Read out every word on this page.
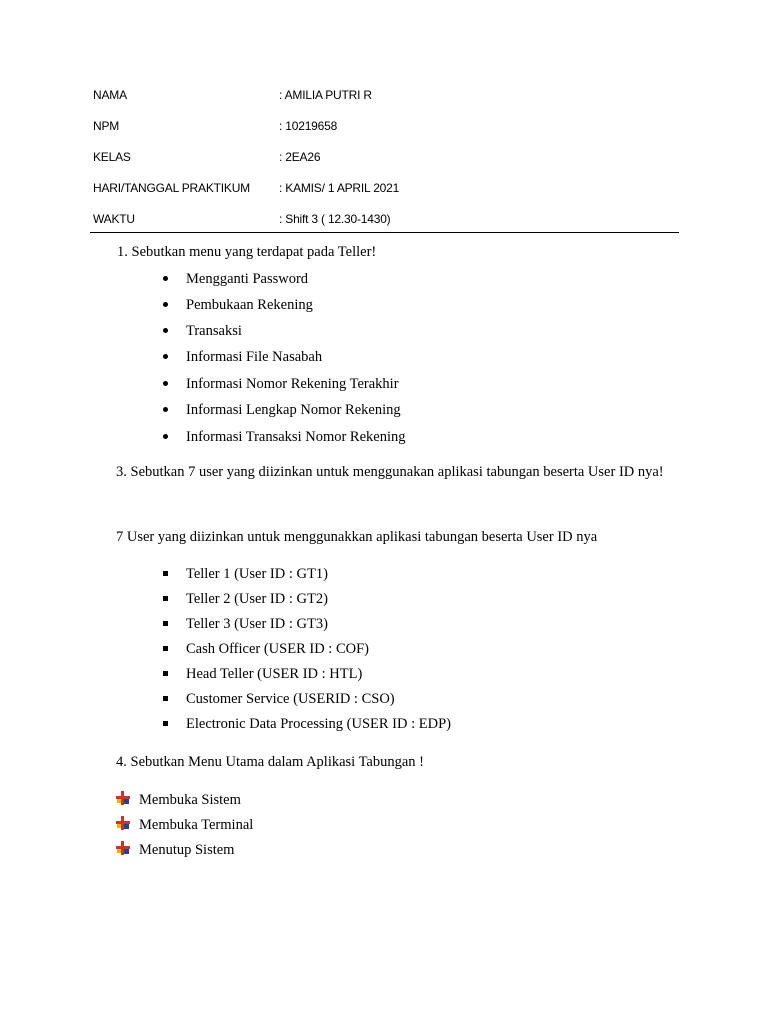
NAMA	: AMILIA PUTRI R
NPM	: 10219658
KELAS	: 2EA26
HARI/TANGGAL PRAKTIKUM : KAMIS/ 1 APRIL 2021
WAKTU	: Shift 3 ( 12.30-1430)
1. Sebutkan menu yang terdapat pada Teller!
Mengganti Password
Pembukaan Rekening
Transaksi
Informasi File Nasabah
Informasi Nomor Rekening Terakhir
Informasi Lengkap Nomor Rekening
Informasi Transaksi Nomor Rekening
3. Sebutkan 7 user yang diizinkan untuk menggunakan aplikasi tabungan beserta User ID nya!
7 User yang diizinkan untuk menggunakkan aplikasi tabungan beserta User ID nya
Teller 1 (User ID : GT1)
Teller 2 (User ID : GT2)
Teller 3 (User ID : GT3)
Cash Officer (USER ID : COF)
Head Teller (USER ID : HTL)
Customer Service (USERID : CSO)
Electronic Data Processing (USER ID : EDP)
4. Sebutkan Menu Utama dalam Aplikasi Tabungan !
Membuka Sistem
Membuka Terminal
Menutup Sistem
